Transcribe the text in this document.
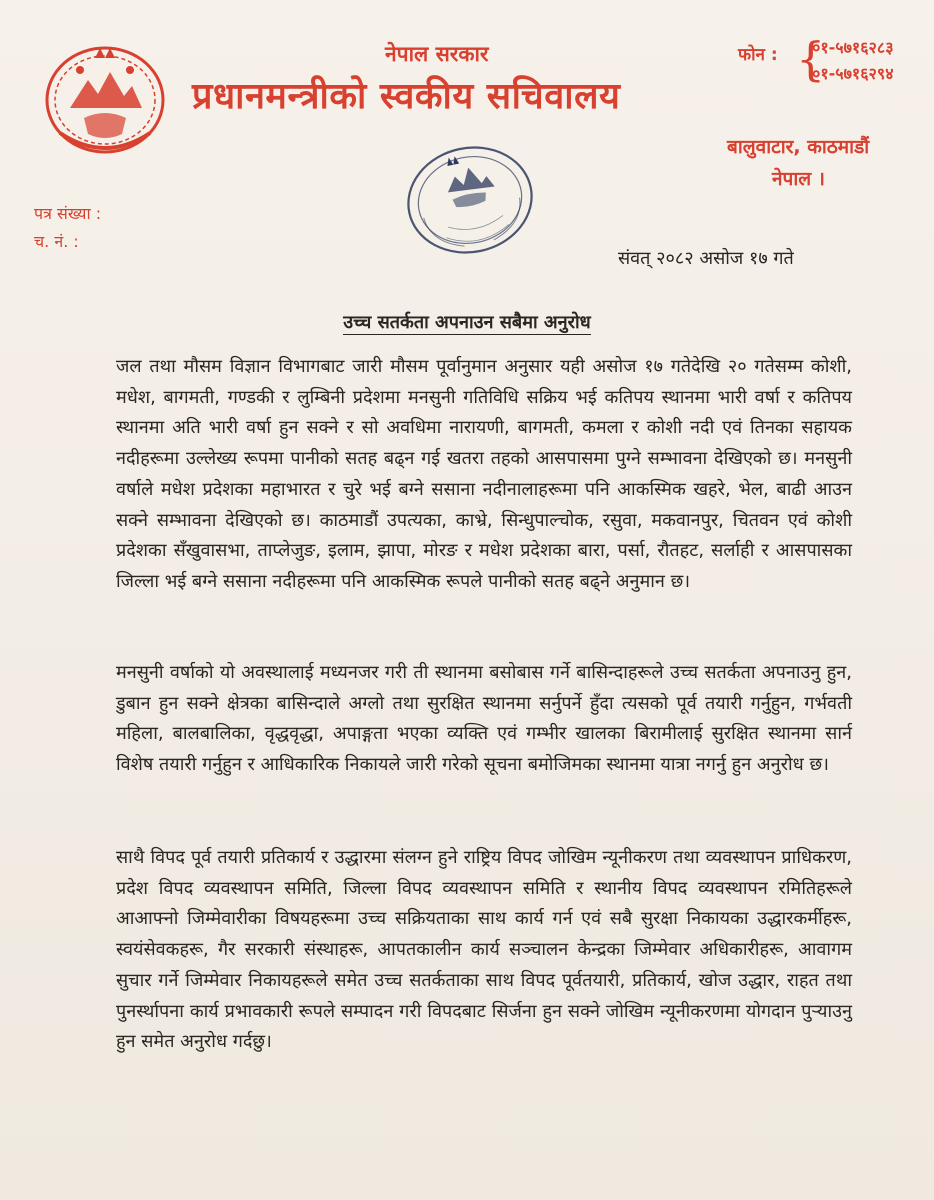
नेपाल सरकार
प्रधानमन्त्रीको स्वकीय सचिवालय
फोन : {
०१-५७१६२८३
०१-५७१६२९४
बालुवाटार, काठमाडौं
नेपाल ।
पत्र संख्या :
च. नं. :
संवत् २०८२ असोज १७ गते
उच्च सतर्कता अपनाउन सबैमा अनुरोध
जल तथा मौसम विज्ञान विभागबाट जारी मौसम पूर्वानुमान अनुसार यही असोज १७ गतेदेखि २० गतेसम्म कोशी, मधेश, बागमती, गण्डकी र लुम्बिनी प्रदेशमा मनसुनी गतिविधि सक्रिय भई कतिपय स्थानमा भारी वर्षा र कतिपय स्थानमा अति भारी वर्षा हुन सक्ने र सो अवधिमा नारायणी, बागमती, कमला र कोशी नदी एवं तिनका सहायक नदीहरूमा उल्लेख्य रूपमा पानीको सतह बढ्न गई खतरा तहको आसपासमा पुग्ने सम्भावना देखिएको छ। मनसुनी वर्षाले मधेश प्रदेशका महाभारत र चुरे भई बग्ने ससाना नदीनालाहरूमा पनि आकस्मिक खहरे, भेल, बाढी आउन सक्ने सम्भावना देखिएको छ। काठमाडौं उपत्यका, काभ्रे, सिन्धुपाल्चोक, रसुवा, मकवानपुर, चितवन एवं कोशी प्रदेशका सँखुवासभा, ताप्लेजुङ, इलाम, झापा, मोरङ र मधेश प्रदेशका बारा, पर्सा, रौतहट, सर्लाही र आसपासका जिल्ला भई बग्ने ससाना नदीहरूमा पनि आकस्मिक रूपले पानीको सतह बढ्ने अनुमान छ।
मनसुनी वर्षाको यो अवस्थालाई मध्यनजर गरी ती स्थानमा बसोबास गर्ने बासिन्दाहरूले उच्च सतर्कता अपनाउनु हुन, डुबान हुन सक्ने क्षेत्रका बासिन्दाले अग्लो तथा सुरक्षित स्थानमा सर्नुपर्ने हुँदा त्यसको पूर्व तयारी गर्नुहुन, गर्भवती महिला, बालबालिका, वृद्धवृद्धा, अपाङ्गता भएका व्यक्ति एवं गम्भीर खालका बिरामीलाई सुरक्षित स्थानमा सार्न विशेष तयारी गर्नुहुन र आधिकारिक निकायले जारी गरेको सूचना बमोजिमका स्थानमा यात्रा नगर्नु हुन अनुरोध छ।
साथै विपद पूर्व तयारी प्रतिकार्य र उद्धारमा संलग्न हुने राष्ट्रिय विपद जोखिम न्यूनीकरण तथा व्यवस्थापन प्राधिकरण, प्रदेश विपद व्यवस्थापन समिति, जिल्ला विपद व्यवस्थापन समिति र स्थानीय विपद व्यवस्थापन रमितिहरूले आआफ्नो जिम्मेवारीका विषयहरूमा उच्च सक्रियताका साथ कार्य गर्न एवं सबै सुरक्षा निकायका उद्धारकर्मीहरू, स्वयंसेवकहरू, गैर सरकारी संस्थाहरू, आपतकालीन कार्य सञ्चालन केन्द्रका जिम्मेवार अधिकारीहरू, आवागम सुचार गर्ने जिम्मेवार निकायहरूले समेत उच्च सतर्कताका साथ विपद पूर्वतयारी, प्रतिकार्य, खोज उद्धार, राहत तथा पुनर्स्थापना कार्य प्रभावकारी रूपले सम्पादन गरी विपदबाट सिर्जना हुन सक्ने जोखिम न्यूनीकरणमा योगदान पुऱ्याउनु हुन समेत अनुरोध गर्दछु।
